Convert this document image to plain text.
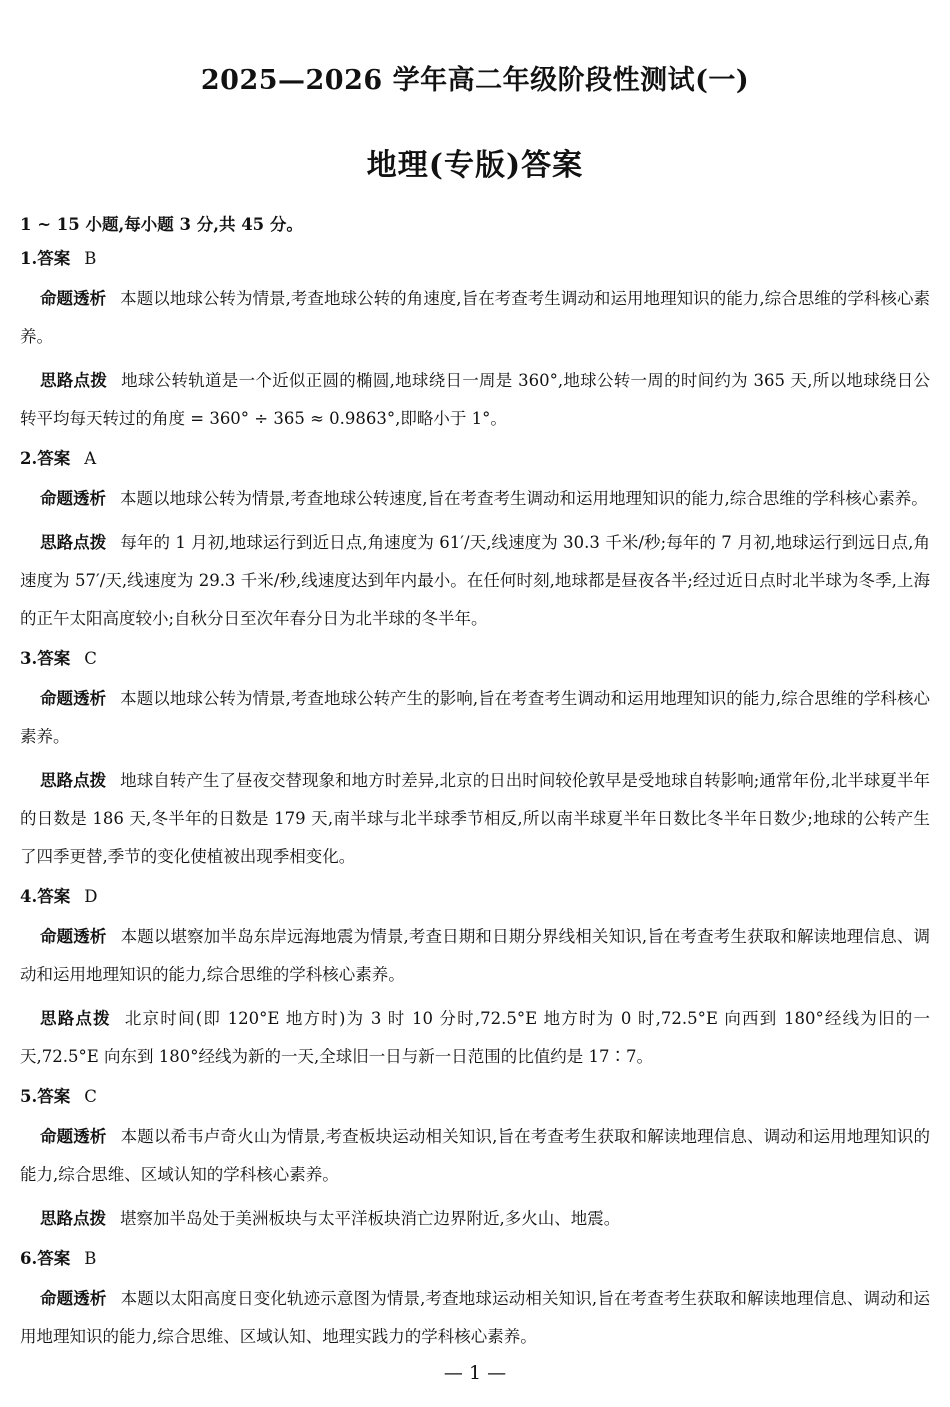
2025—2026 学年高二年级阶段性测试(一)
地理(专版)答案
1 ~ 15 小题,每小题 3 分,共 45 分。
1.答案 B
命题透析 本题以地球公转为情景,考查地球公转的角速度,旨在考查考生调动和运用地理知识的能力,综合思维的学科核心素养。
思路点拨 地球公转轨道是一个近似正圆的椭圆,地球绕日一周是 360°,地球公转一周的时间约为 365 天,所以地球绕日公转平均每天转过的角度 = 360° ÷ 365 ≈ 0.9863°,即略小于 1°。
2.答案 A
命题透析 本题以地球公转为情景,考查地球公转速度,旨在考查考生调动和运用地理知识的能力,综合思维的学科核心素养。
思路点拨 每年的 1 月初,地球运行到近日点,角速度为 61′/天,线速度为 30.3 千米/秒;每年的 7 月初,地球运行到远日点,角速度为 57′/天,线速度为 29.3 千米/秒,线速度达到年内最小。在任何时刻,地球都是昼夜各半;经过近日点时北半球为冬季,上海的正午太阳高度较小;自秋分日至次年春分日为北半球的冬半年。
3.答案 C
命题透析 本题以地球公转为情景,考查地球公转产生的影响,旨在考查考生调动和运用地理知识的能力,综合思维的学科核心素养。
思路点拨 地球自转产生了昼夜交替现象和地方时差异,北京的日出时间较伦敦早是受地球自转影响;通常年份,北半球夏半年的日数是 186 天,冬半年的日数是 179 天,南半球与北半球季节相反,所以南半球夏半年日数比冬半年日数少;地球的公转产生了四季更替,季节的变化使植被出现季相变化。
4.答案 D
命题透析 本题以堪察加半岛东岸远海地震为情景,考查日期和日期分界线相关知识,旨在考查考生获取和解读地理信息、调动和运用地理知识的能力,综合思维的学科核心素养。
思路点拨 北京时间(即 120°E 地方时)为 3 时 10 分时,72.5°E 地方时为 0 时,72.5°E 向西到 180°经线为旧的一天,72.5°E 向东到 180°经线为新的一天,全球旧一日与新一日范围的比值约是 17∶7。
5.答案 C
命题透析 本题以希韦卢奇火山为情景,考查板块运动相关知识,旨在考查考生获取和解读地理信息、调动和运用地理知识的能力,综合思维、区域认知的学科核心素养。
思路点拨 堪察加半岛处于美洲板块与太平洋板块消亡边界附近,多火山、地震。
6.答案 B
命题透析 本题以太阳高度日变化轨迹示意图为情景,考查地球运动相关知识,旨在考查考生获取和解读地理信息、调动和运用地理知识的能力,综合思维、区域认知、地理实践力的学科核心素养。
— 1 —
